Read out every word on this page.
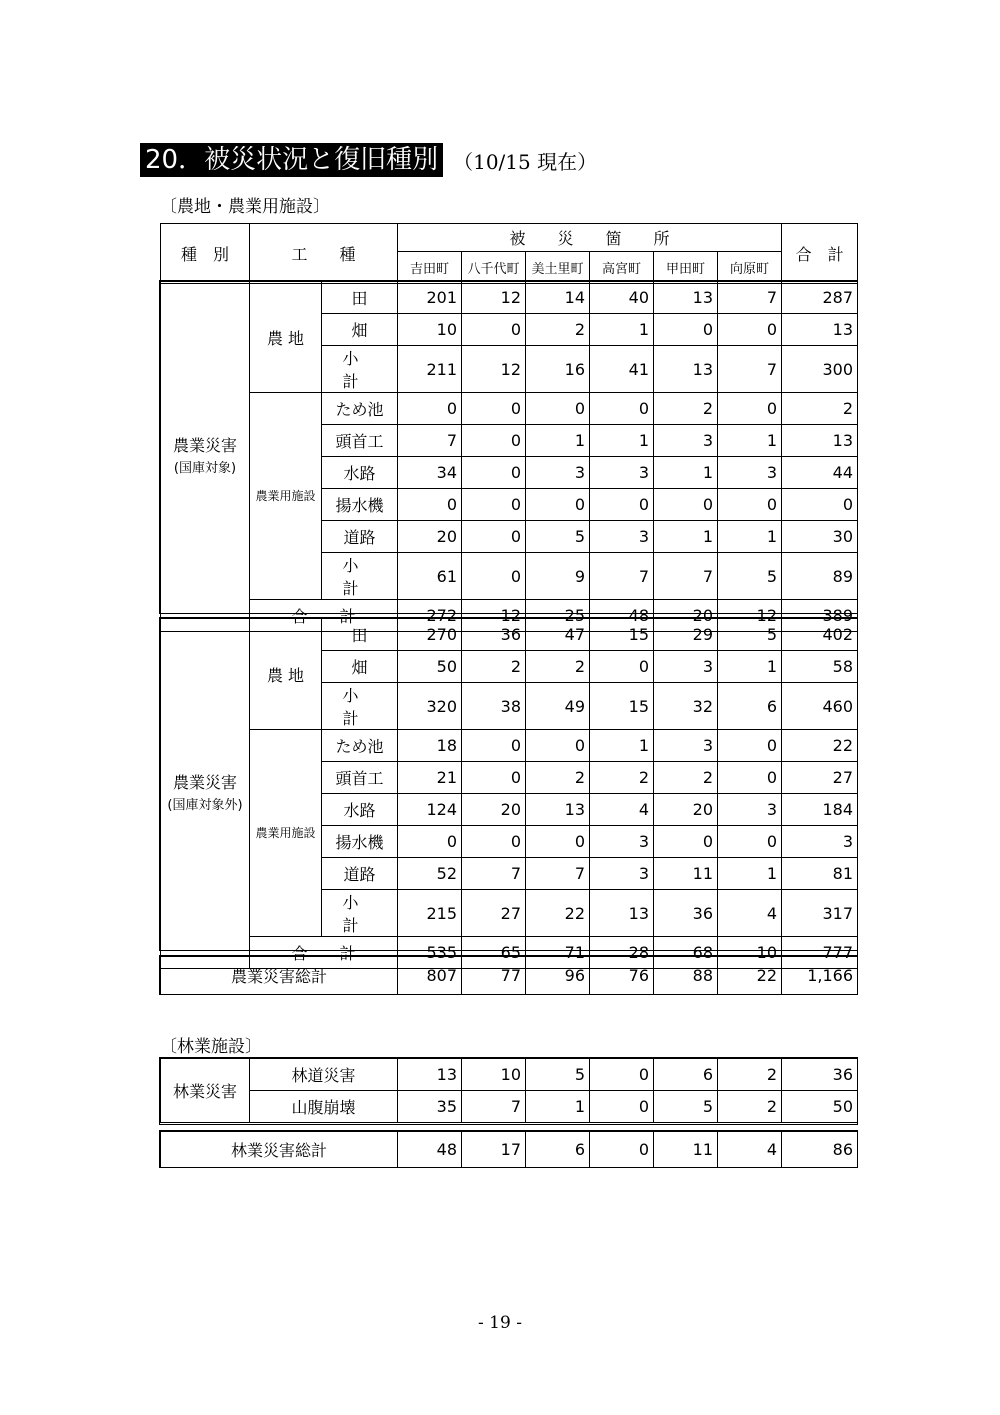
20．被災状況と復旧種別 （10/15 現在）
〔農地・農業用施設〕
種　別	工　　種	被　　災　　箇　　所						合　計
		吉田町	八千代町	美土里町	高宮町	甲田町	向原町	
農業災害
(国庫対象)	農 地	田	201	12	14	40	13	7	287
		畑	10	0	2	1	0	0	13
		小　計	211	12	16	41	13	7	300
	農業用施設	ため池	0	0	0	0	2	0	2
		頭首工	7	0	1	1	3	1	13
		水路	34	0	3	3	1	3	44
		揚水機	0	0	0	0	0	0	0
		道路	20	0	5	3	1	1	30
		小　計	61	0	9	7	7	5	89
	合　　計		272	12	25	48	20	12	389
農業災害
(国庫対象外)	農 地	田	270	36	47	15	29	5	402
		畑	50	2	2	0	3	1	58
		小　計	320	38	49	15	32	6	460
	農業用施設	ため池	18	0	0	1	3	0	22
		頭首工	21	0	2	2	2	0	27
		水路	124	20	13	4	20	3	184
		揚水機	0	0	0	3	0	0	3
		道路	52	7	7	3	11	1	81
		小　計	215	27	22	13	36	4	317
	合　　計		535	65	71	28	68	10	777
農業災害総計	807	77	96	76	88	22	1,166
〔林業施設〕
林業災害	林道災害	13	10	5	0	6	2	36
	山腹崩壊	35	7	1	0	5	2	50
林業災害総計	48	17	6	0	11	4	86
- 19 -
